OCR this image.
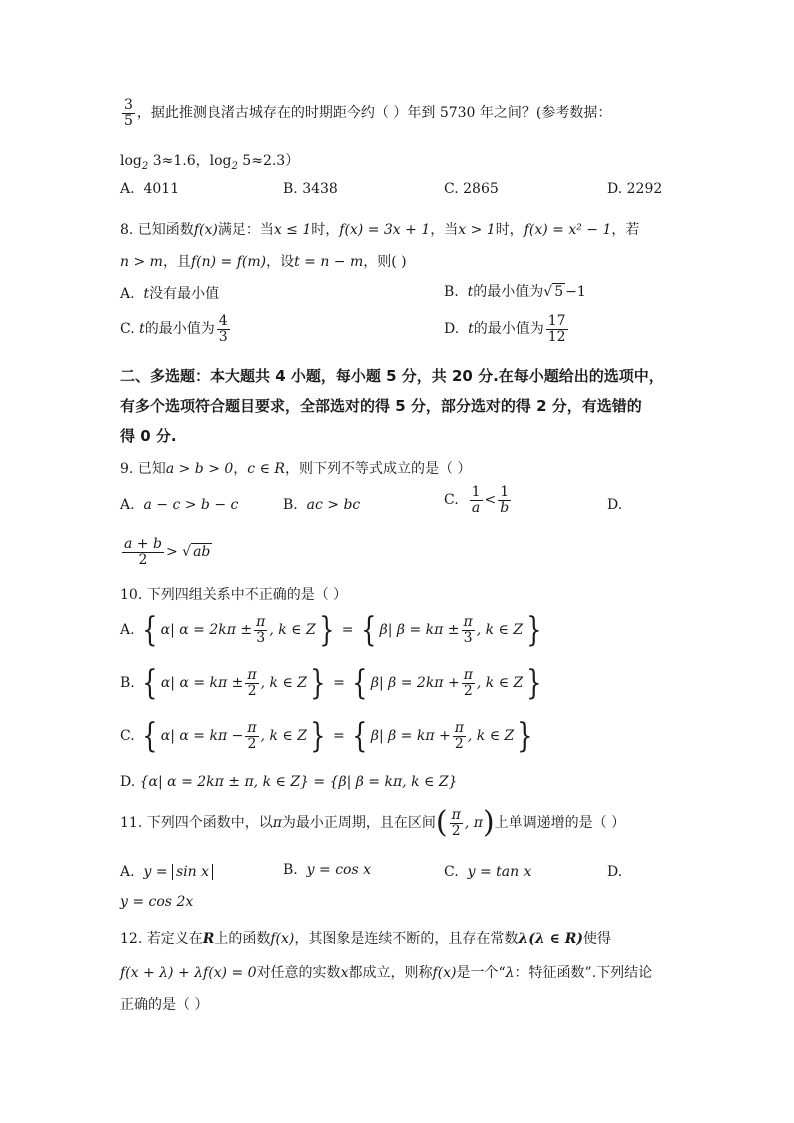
$\frac{3}{5}$ ，据此推测良渚古城存在的时期距今约（ ）年到 5730 年之间？(参考数据：
$\log_2 3\approx 1.6$，$\log_2 5\approx 2.3$）
A. 4011	B. 3438	C. 2865	D. 2292
8. 已知函数f(x)满足：当x ≤ 1时，f(x) = 3x + 1，当x > 1时，f(x) = x² − 1，若
n > m，且f(n) = f(m)，设t = n − m，则( )
A. t没有最小值	B. t的最小值为√ 5 −1
C. t的最小值为 $\frac{4}{3}$	D. t的最小值为 $\frac{17}{12}$
二、多选题：本大题共 4 小题，每小题 5 分，共 20 分.在每小题给出的选项中，
有多个选项符合题目要求，全部选对的得 5 分，部分选对的得 2 分，有选错的
得 0 分.
9. 已知a > b > 0，c ∈ R，则下列不等式成立的是（ ）
A. a − c > b − c	B. ac > bc	C. $\frac{1}{a} < \frac{1}{b}$	D.
$\frac{a + b}{2}$ > √ ab
10. 下列四组关系中不正确的是（ ）
A. { α| $\alpha = 2k\pi \pm \frac{\pi}{3}$ , k ∈ Z} = { β| $\beta = k\pi \pm \frac{\pi}{3}$ , k ∈ Z}
B. { α| $\alpha = k\pi \pm \frac{\pi}{2}$ , k ∈ Z} = { β| $\beta = 2k\pi + \frac{\pi}{2}$ , k ∈ Z}
C. { α| $\alpha = k\pi - \frac{\pi}{2}$ , k ∈ Z} = { β| $\beta = k\pi + \frac{\pi}{2}$ , k ∈ Z}
D. {α| α = 2kπ ± π, k ∈ Z} = {β| β = kπ, k ∈ Z}
11. 下列四个函数中，以π为最小正周期，且在区间( $\frac{\pi}{2}$ , π)上单调递增的是（ ）
A. y = sin x	B. y = cos x	C. y = tan x	D.
y = cos 2x
12. 若定义在R上的函数f(x)，其图象是连续不断的，且存在常数λ(λ ∈ R)使得
f(x + λ) + λf(x) = 0对任意的实数x都成立，则称f(x)是一个“λ：特征函数”.下列结论
正确的是（ ）
